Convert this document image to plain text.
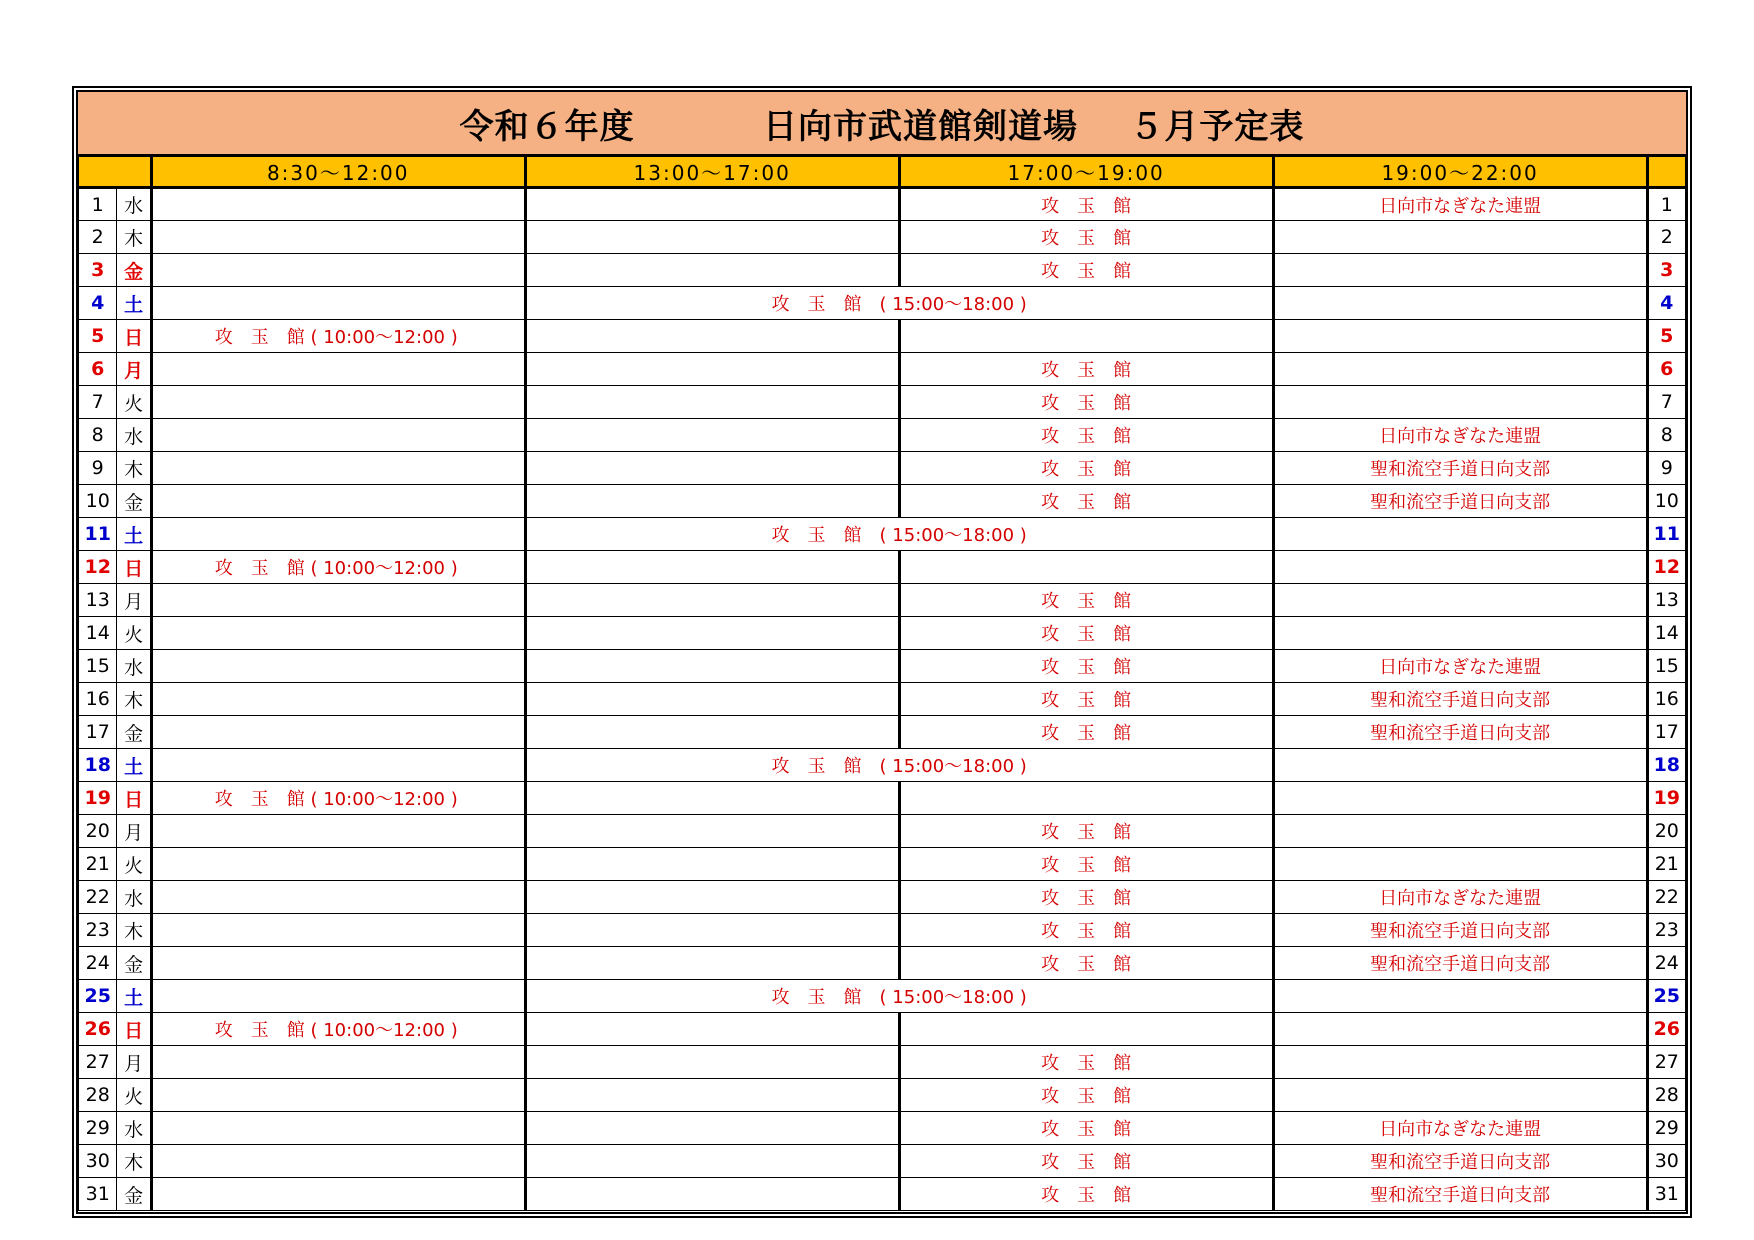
令和６年度
	日向市武道館剣道場
５月予定表
		8:30～12:00	13:00～17:00	17:00～19:00	19:00～22:00	
1	水			攻　玉　館	日向市なぎなた連盟	1
2	木			攻　玉　館		2
3	金			攻　玉　館		3
4	土		攻　玉　館　( 15:00～18:00 )			4
5	日	攻　玉　館 ( 10:00～12:00 )				5
6	月			攻　玉　館		6
7	火			攻　玉　館		7
8	水			攻　玉　館	日向市なぎなた連盟	8
9	木			攻　玉　館	聖和流空手道日向支部	9
10	金			攻　玉　館	聖和流空手道日向支部	10
11	土		攻　玉　館　( 15:00～18:00 )			11
12	日	攻　玉　館 ( 10:00～12:00 )				12
13	月			攻　玉　館		13
14	火			攻　玉　館		14
15	水			攻　玉　館	日向市なぎなた連盟	15
16	木			攻　玉　館	聖和流空手道日向支部	16
17	金			攻　玉　館	聖和流空手道日向支部	17
18	土		攻　玉　館　( 15:00～18:00 )			18
19	日	攻　玉　館 ( 10:00～12:00 )				19
20	月			攻　玉　館		20
21	火			攻　玉　館		21
22	水			攻　玉　館	日向市なぎなた連盟	22
23	木			攻　玉　館	聖和流空手道日向支部	23
24	金			攻　玉　館	聖和流空手道日向支部	24
25	土		攻　玉　館　( 15:00～18:00 )			25
26	日	攻　玉　館 ( 10:00～12:00 )				26
27	月			攻　玉　館		27
28	火			攻　玉　館		28
29	水			攻　玉　館	日向市なぎなた連盟	29
30	木			攻　玉　館	聖和流空手道日向支部	30
31	金			攻　玉　館	聖和流空手道日向支部	31
